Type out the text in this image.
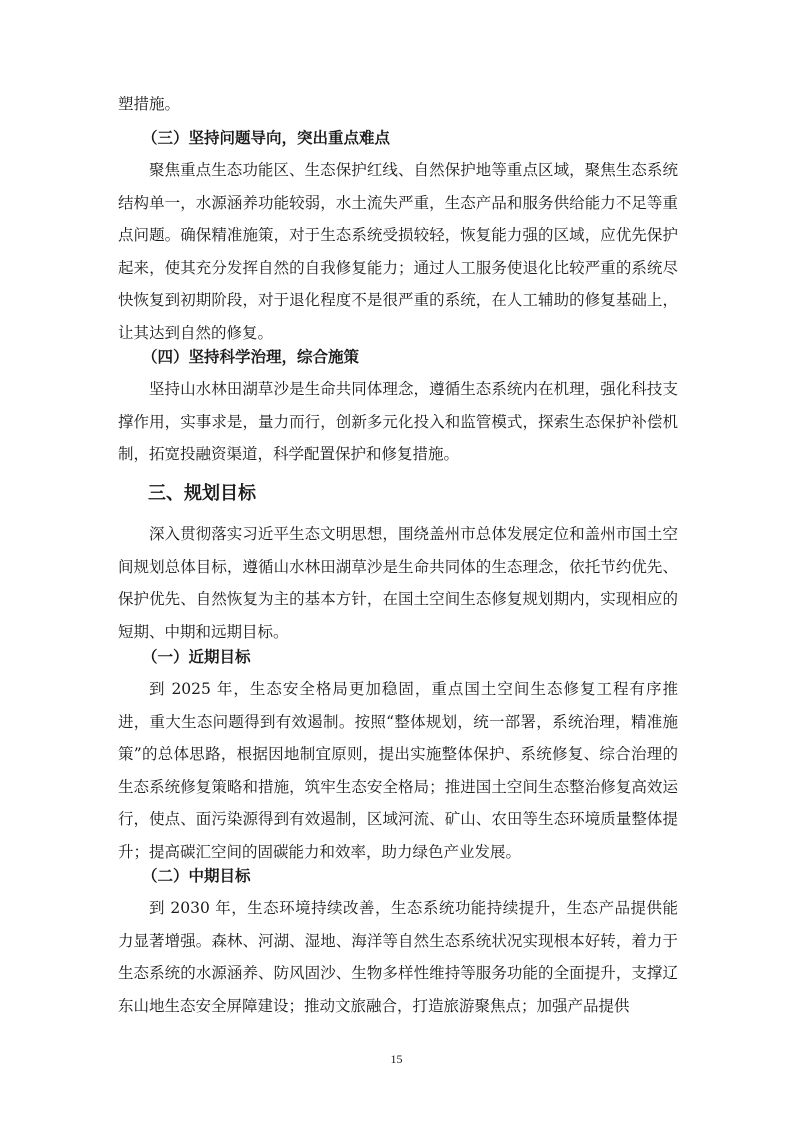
塑措施。
（三）坚持问题导向，突出重点难点

聚焦重点生态功能区、生态保护红线、自然保护地等重点区域，聚焦生态系统结构单一，水源涵养功能较弱，水土流失严重，生态产品和服务供给能力不足等重点问题。确保精准施策，对于生态系统受损较轻，恢复能力强的区域，应优先保护起来，使其充分发挥自然的自我修复能力；通过人工服务使退化比较严重的系统尽快恢复到初期阶段，对于退化程度不是很严重的系统，在人工辅助的修复基础上，让其达到自然的修复。

（四）坚持科学治理，综合施策

坚持山水林田湖草沙是生命共同体理念，遵循生态系统内在机理，强化科技支撑作用，实事求是，量力而行，创新多元化投入和监管模式，探索生态保护补偿机制，拓宽投融资渠道，科学配置保护和修复措施。

三、规划目标

深入贯彻落实习近平生态文明思想，围绕盖州市总体发展定位和盖州市国土空间规划总体目标，遵循山水林田湖草沙是生命共同体的生态理念，依托节约优先、保护优先、自然恢复为主的基本方针，在国土空间生态修复规划期内，实现相应的短期、中期和远期目标。

（一）近期目标

到 2025 年，生态安全格局更加稳固，重点国土空间生态修复工程有序推进，重大生态问题得到有效遏制。按照“整体规划，统一部署，系统治理，精准施策”的总体思路，根据因地制宜原则，提出实施整体保护、系统修复、综合治理的生态系统修复策略和措施，筑牢生态安全格局；推进国土空间生态整治修复高效运行，使点、面污染源得到有效遏制，区域河流、矿山、农田等生态环境质量整体提升；提高碳汇空间的固碳能力和效率，助力绿色产业发展。

（二）中期目标

到 2030 年，生态环境持续改善，生态系统功能持续提升，生态产品提供能力显著增强。森林、河湖、湿地、海洋等自然生态系统状况实现根本好转，着力于生态系统的水源涵养、防风固沙、生物多样性维持等服务功能的全面提升，支撑辽东山地生态安全屏障建设；推动文旅融合，打造旅游聚焦点；加强产品提供

15
